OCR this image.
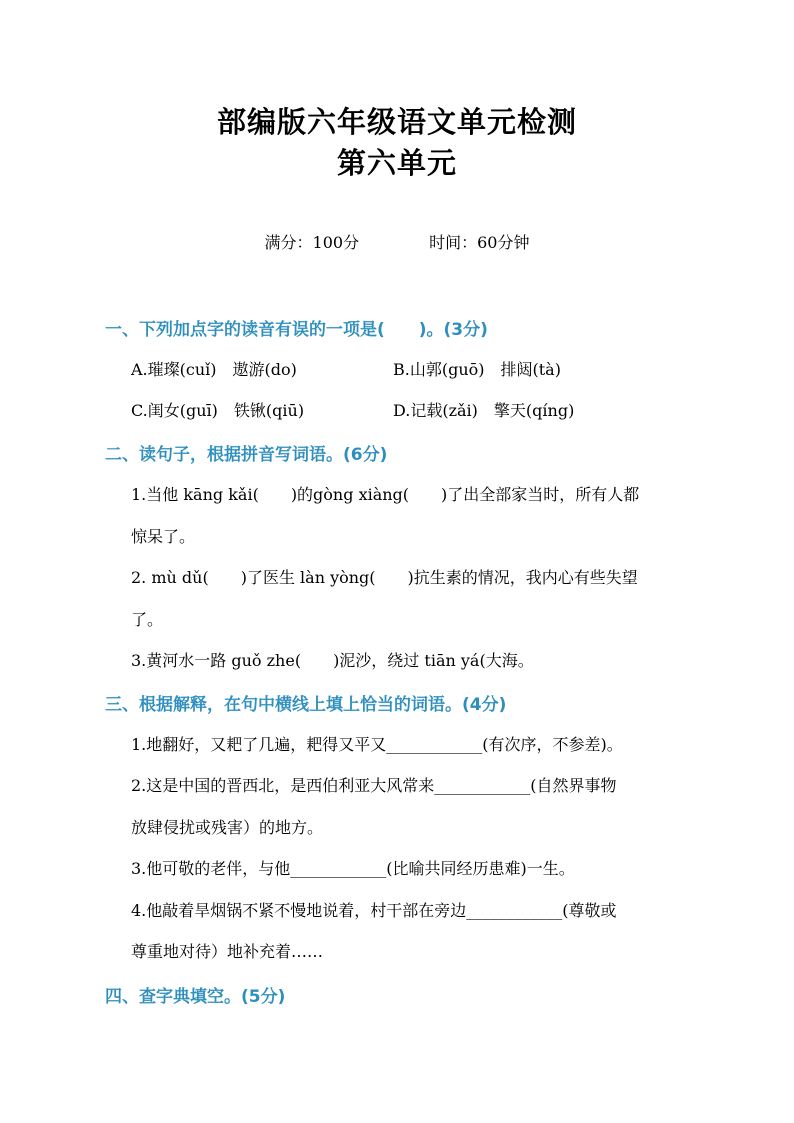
部编版六年级语文单元检测
第六单元
满分：100分	时间：60分钟
一、下列加点字的读音有误的一项是(　　)。(3分)
A.璀璨(cuǐ)　遨游(do)	B.山郭(guō)　排闼(tà)
C.闺女(guī)　铁锹(qiū)	D.记载(zǎi)　擎天(qíng)
二、读句子，根据拼音写词语。(6分)
1.当他 kāng kǎi(　　)的gòng xiàng(　　)了出全部家当时，所有人都
惊呆了。
2. mù dǔ(　　)了医生 làn yòng(　　)抗生素的情况，我内心有些失望
了。
3.黄河水一路 guǒ zhe(　　)泥沙，绕过 tiān yá(大海。
三、根据解释，在句中横线上填上恰当的词语。(4分)
1.地翻好，又耙了几遍，耙得又平又____________(有次序，不参差)。
2.这是中国的晋西北，是西伯利亚大风常来____________(自然界事物
放肆侵扰或残害）的地方。
3.他可敬的老伴，与他____________(比喻共同经历患难)一生。
4.他敲着旱烟锅不紧不慢地说着，村干部在旁边____________(尊敬或
尊重地对待）地补充着……
四、查字典填空。(5分)
